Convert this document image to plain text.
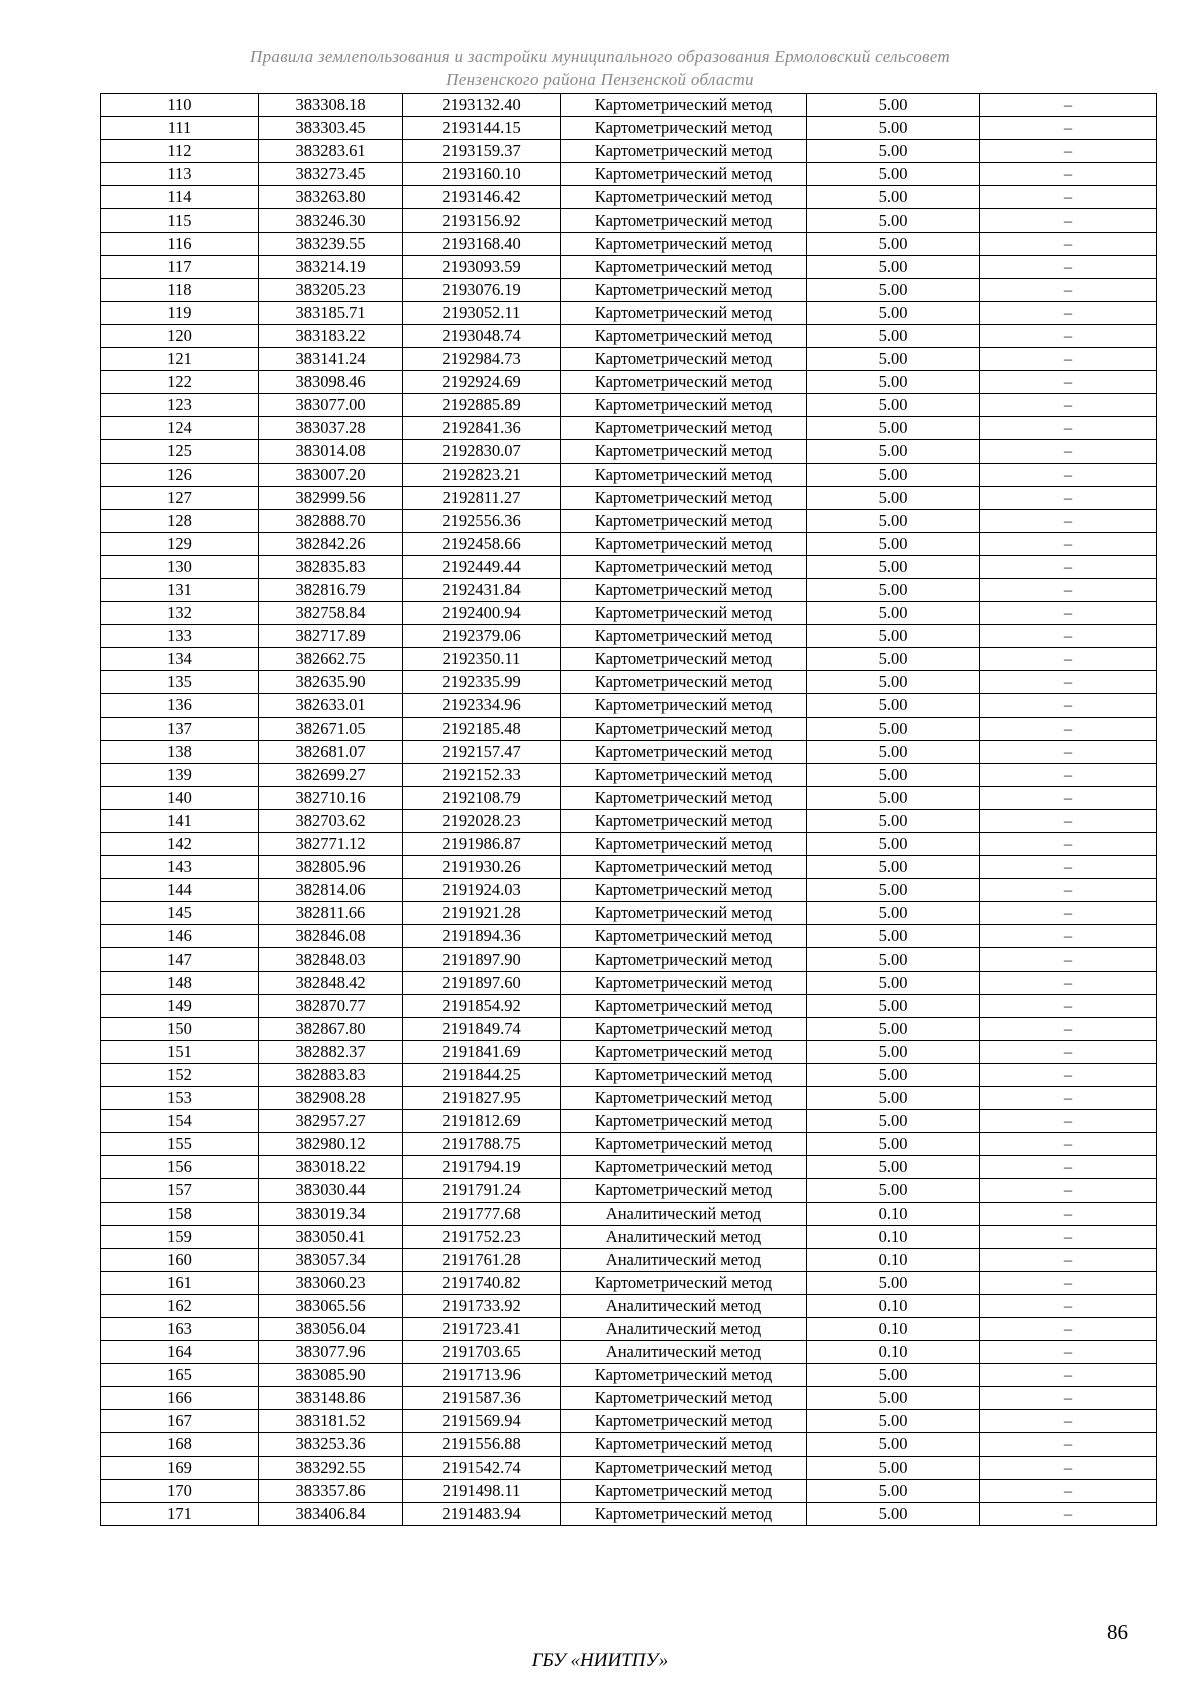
Правила землепользования и застройки муниципального образования Ермоловский сельсовет
Пензенского района Пензенской области
110	383308.18	2193132.40	Картометрический метод	5.00	–
111	383303.45	2193144.15	Картометрический метод	5.00	–
112	383283.61	2193159.37	Картометрический метод	5.00	–
113	383273.45	2193160.10	Картометрический метод	5.00	–
114	383263.80	2193146.42	Картометрический метод	5.00	–
115	383246.30	2193156.92	Картометрический метод	5.00	–
116	383239.55	2193168.40	Картометрический метод	5.00	–
117	383214.19	2193093.59	Картометрический метод	5.00	–
118	383205.23	2193076.19	Картометрический метод	5.00	–
119	383185.71	2193052.11	Картометрический метод	5.00	–
120	383183.22	2193048.74	Картометрический метод	5.00	–
121	383141.24	2192984.73	Картометрический метод	5.00	–
122	383098.46	2192924.69	Картометрический метод	5.00	–
123	383077.00	2192885.89	Картометрический метод	5.00	–
124	383037.28	2192841.36	Картометрический метод	5.00	–
125	383014.08	2192830.07	Картометрический метод	5.00	–
126	383007.20	2192823.21	Картометрический метод	5.00	–
127	382999.56	2192811.27	Картометрический метод	5.00	–
128	382888.70	2192556.36	Картометрический метод	5.00	–
129	382842.26	2192458.66	Картометрический метод	5.00	–
130	382835.83	2192449.44	Картометрический метод	5.00	–
131	382816.79	2192431.84	Картометрический метод	5.00	–
132	382758.84	2192400.94	Картометрический метод	5.00	–
133	382717.89	2192379.06	Картометрический метод	5.00	–
134	382662.75	2192350.11	Картометрический метод	5.00	–
135	382635.90	2192335.99	Картометрический метод	5.00	–
136	382633.01	2192334.96	Картометрический метод	5.00	–
137	382671.05	2192185.48	Картометрический метод	5.00	–
138	382681.07	2192157.47	Картометрический метод	5.00	–
139	382699.27	2192152.33	Картометрический метод	5.00	–
140	382710.16	2192108.79	Картометрический метод	5.00	–
141	382703.62	2192028.23	Картометрический метод	5.00	–
142	382771.12	2191986.87	Картометрический метод	5.00	–
143	382805.96	2191930.26	Картометрический метод	5.00	–
144	382814.06	2191924.03	Картометрический метод	5.00	–
145	382811.66	2191921.28	Картометрический метод	5.00	–
146	382846.08	2191894.36	Картометрический метод	5.00	–
147	382848.03	2191897.90	Картометрический метод	5.00	–
148	382848.42	2191897.60	Картометрический метод	5.00	–
149	382870.77	2191854.92	Картометрический метод	5.00	–
150	382867.80	2191849.74	Картометрический метод	5.00	–
151	382882.37	2191841.69	Картометрический метод	5.00	–
152	382883.83	2191844.25	Картометрический метод	5.00	–
153	382908.28	2191827.95	Картометрический метод	5.00	–
154	382957.27	2191812.69	Картометрический метод	5.00	–
155	382980.12	2191788.75	Картометрический метод	5.00	–
156	383018.22	2191794.19	Картометрический метод	5.00	–
157	383030.44	2191791.24	Картометрический метод	5.00	–
158	383019.34	2191777.68	Аналитический метод	0.10	–
159	383050.41	2191752.23	Аналитический метод	0.10	–
160	383057.34	2191761.28	Аналитический метод	0.10	–
161	383060.23	2191740.82	Картометрический метод	5.00	–
162	383065.56	2191733.92	Аналитический метод	0.10	–
163	383056.04	2191723.41	Аналитический метод	0.10	–
164	383077.96	2191703.65	Аналитический метод	0.10	–
165	383085.90	2191713.96	Картометрический метод	5.00	–
166	383148.86	2191587.36	Картометрический метод	5.00	–
167	383181.52	2191569.94	Картометрический метод	5.00	–
168	383253.36	2191556.88	Картометрический метод	5.00	–
169	383292.55	2191542.74	Картометрический метод	5.00	–
170	383357.86	2191498.11	Картометрический метод	5.00	–
171	383406.84	2191483.94	Картометрический метод	5.00	–
86
ГБУ «НИИТПУ»
